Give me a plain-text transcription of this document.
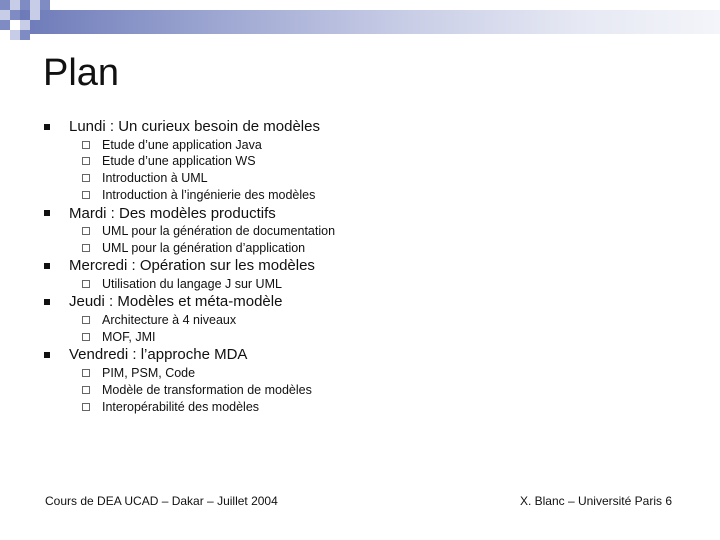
Plan
Lundi : Un curieux besoin de modèles
Etude d’une application Java
Etude d’une application WS
Introduction à UML
Introduction à l’ingénierie des modèles
Mardi : Des modèles productifs
UML pour la génération de documentation
UML pour la génération d’application
Mercredi : Opération sur les modèles
Utilisation du langage J sur UML
Jeudi : Modèles et méta-modèle
Architecture à 4 niveaux
MOF, JMI
Vendredi : l’approche MDA
PIM, PSM, Code
Modèle de transformation de modèles
Interopérabilité des modèles
Cours de DEA UCAD – Dakar – Juillet 2004	X. Blanc – Université Paris 6
